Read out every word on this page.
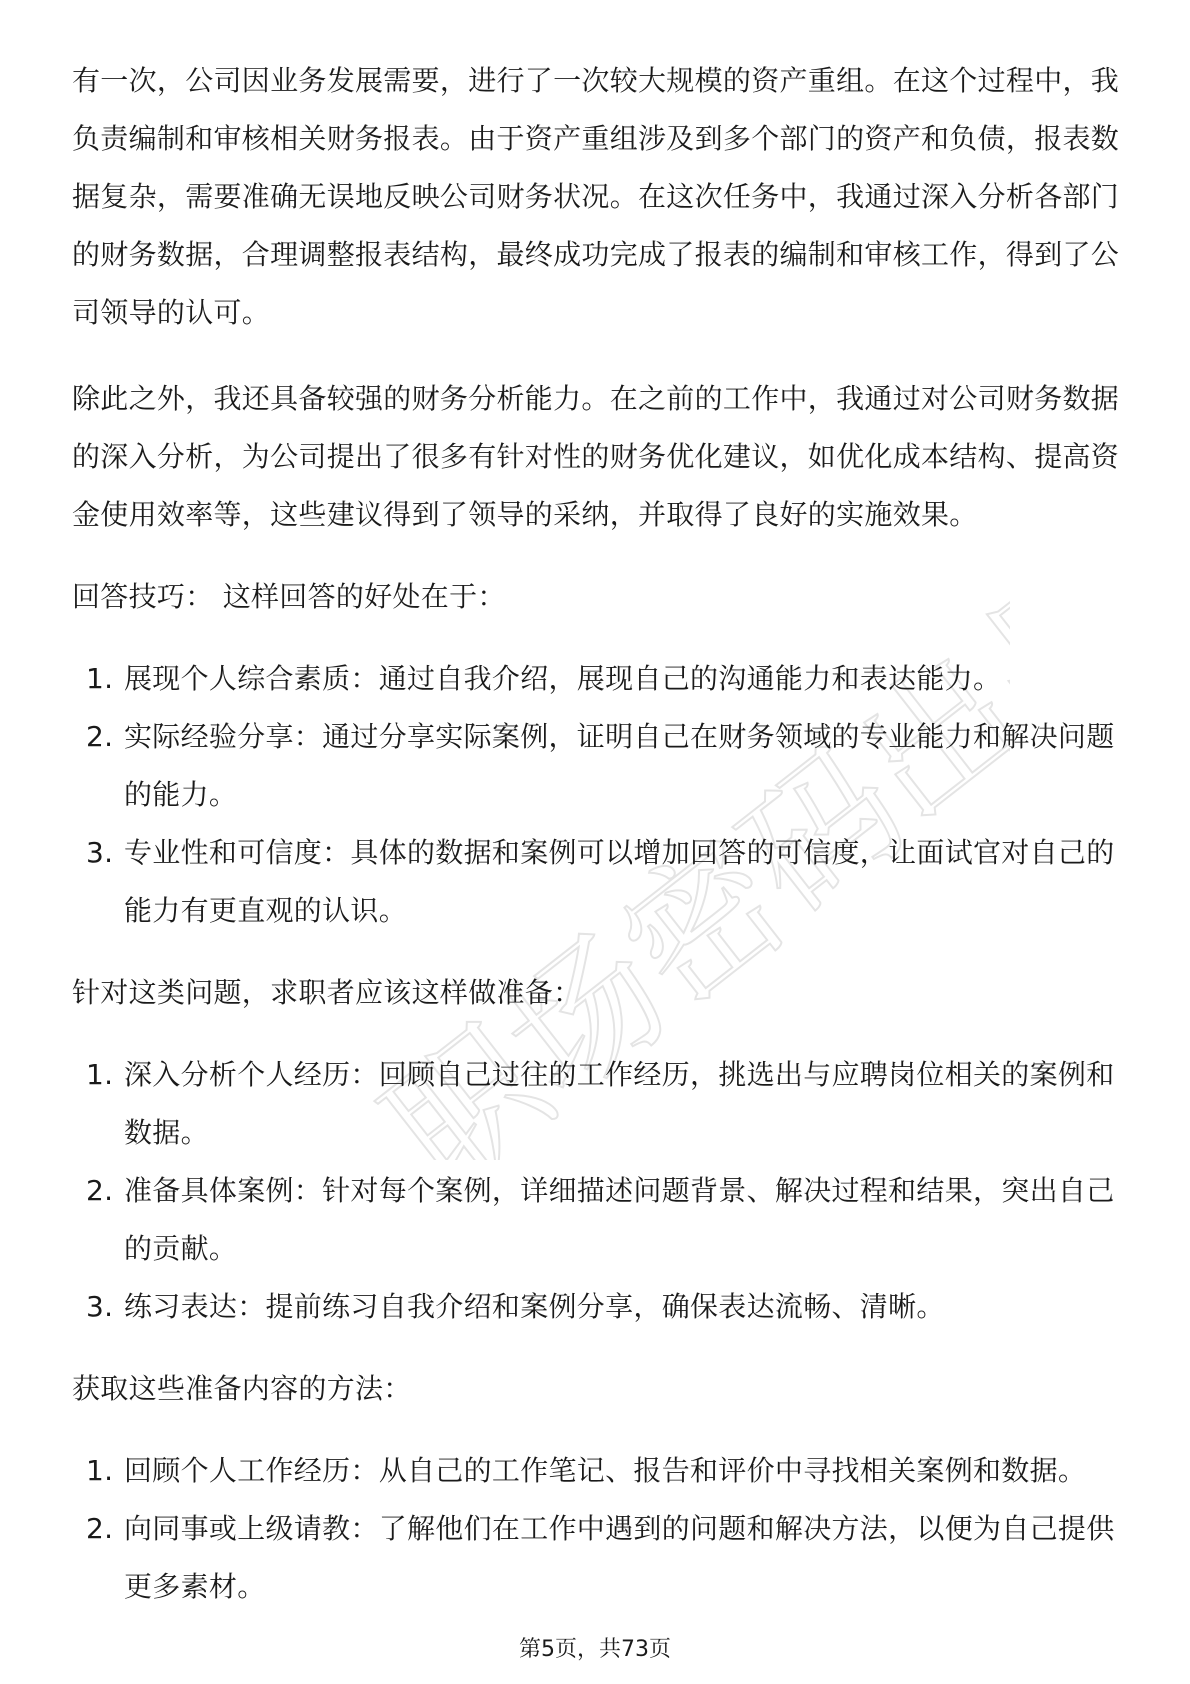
职场密码出品

有一次，公司因业务发展需要，进行了一次较大规模的资产重组。在这个过程中，我负责编制和审核相关财务报表。由于资产重组涉及到多个部门的资产和负债，报表数据复杂，需要准确无误地反映公司财务状况。在这次任务中，我通过深入分析各部门的财务数据，合理调整报表结构，最终成功完成了报表的编制和审核工作，得到了公司领导的认可。

除此之外，我还具备较强的财务分析能力。在之前的工作中，我通过对公司财务数据的深入分析，为公司提出了很多有针对性的财务优化建议，如优化成本结构、提高资金使用效率等，这些建议得到了领导的采纳，并取得了良好的实施效果。

回答技巧： 这样回答的好处在于：

1. 展现个人综合素质：通过自我介绍，展现自己的沟通能力和表达能力。
2. 实际经验分享：通过分享实际案例，证明自己在财务领域的专业能力和解决问题的能力。
3. 专业性和可信度：具体的数据和案例可以增加回答的可信度，让面试官对自己的能力有更直观的认识。

针对这类问题，求职者应该这样做准备：

1. 深入分析个人经历：回顾自己过往的工作经历，挑选出与应聘岗位相关的案例和数据。
2. 准备具体案例：针对每个案例，详细描述问题背景、解决过程和结果，突出自己的贡献。
3. 练习表达：提前练习自我介绍和案例分享，确保表达流畅、清晰。

获取这些准备内容的方法：

1. 回顾个人工作经历：从自己的工作笔记、报告和评价中寻找相关案例和数据。
2. 向同事或上级请教：了解他们在工作中遇到的问题和解决方法，以便为自己提供更多素材。
第5页，共73页
